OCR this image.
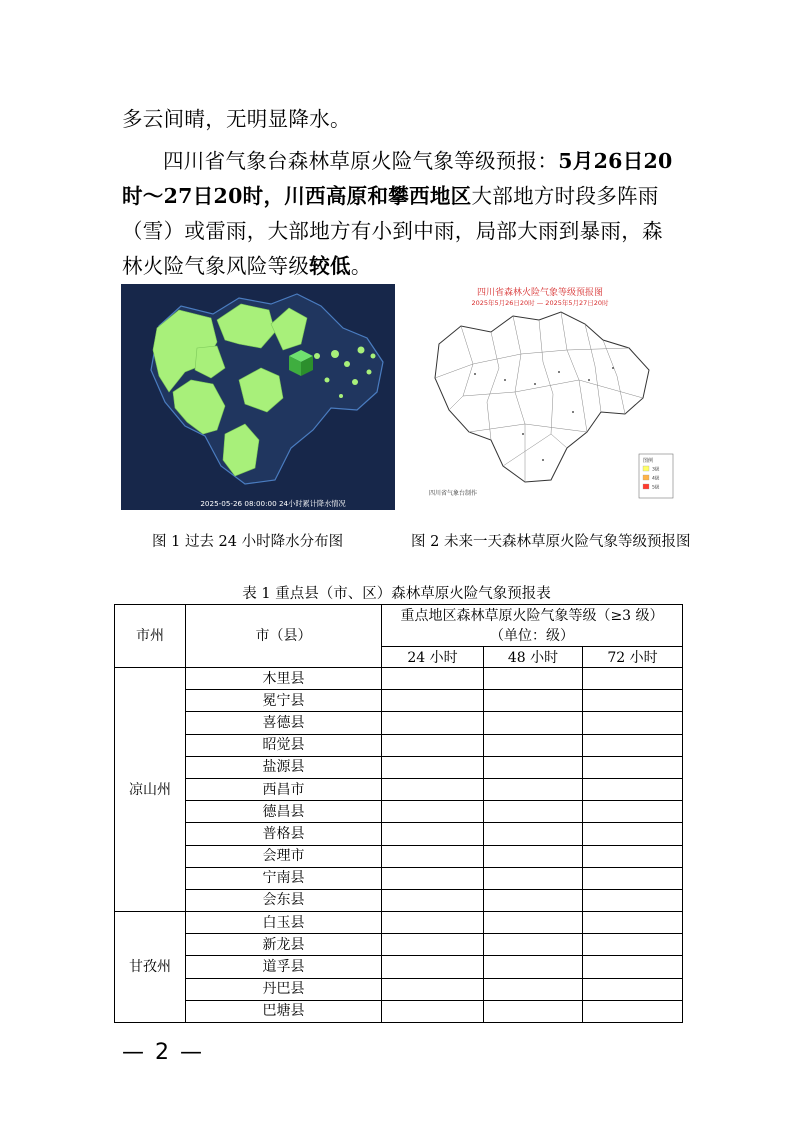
多云间晴，无明显降水。
四川省气象台森林草原火险气象等级预报：5月26日20时～27日20时，川西高原和攀西地区大部地方时段多阵雨（雪）或雷雨，大部地方有小到中雨，局部大雨到暴雨，森林火险气象风险等级较低。
2025-05-26 08:00:00 24小时累计降水情况
四川省森林火险气象等级预报图
2025年5月26日20时 — 2025年5月27日20时
图例
3级
4级
5级
四川省气象台制作
图 1 过去 24 小时降水分布图	图 2 未来一天森林草原火险气象等级预报图
表 1 重点县（市、区）森林草原火险气象预报表
市州	市（县）	重点地区森林草原火险气象等级（≥3 级）
（单位：级）		

		24 小时	48 小时	72 小时
凉山州	木里县			
	冕宁县			
	喜德县			
	昭觉县			
	盐源县			
	西昌市			
	德昌县			
	普格县			
	会理市			
	宁南县			
	会东县			
甘孜州	白玉县			
	新龙县			
	道孚县			
	丹巴县			
	巴塘县			
— 2 —
